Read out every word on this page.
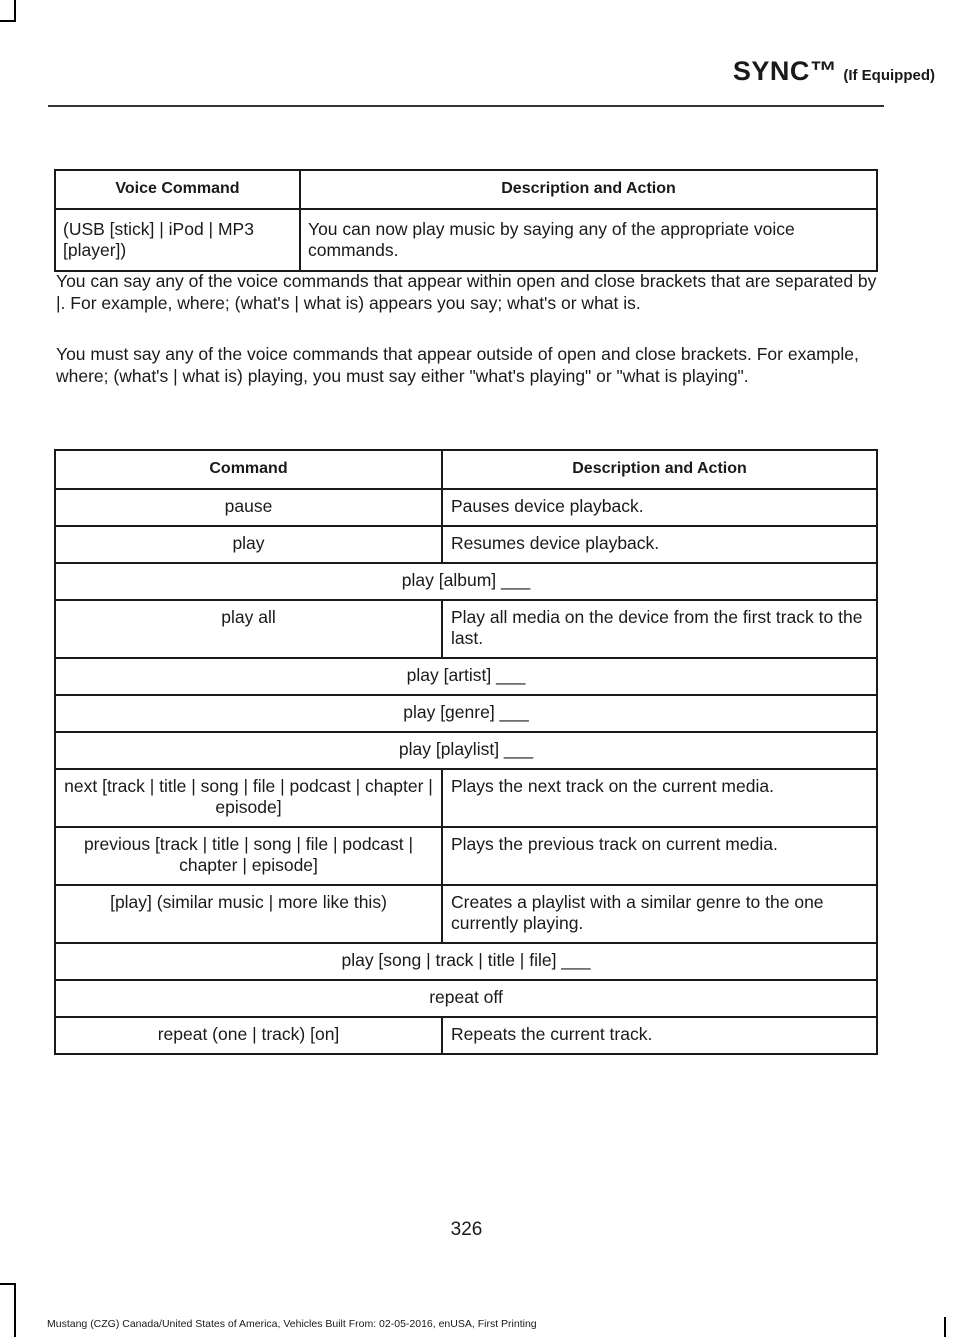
SYNC™ (If Equipped)
Voice Command	Description and Action
(USB [stick] | iPod | MP3 [player])	You can now play music by saying any of the appropriate voice commands.

You can say any of the voice commands that appear within open and close brackets that are separated by |. For example, where; (what's | what is) appears you say; what's or what is.

You must say any of the voice commands that appear outside of open and close brackets. For example, where; (what's | what is) playing, you must say either "what's playing" or "what is playing".

Command	Description and Action
pause	Pauses device playback.
play	Resumes device playback.
play [album] ___	
play all	Play all media on the device from the first track to the last.
play [artist] ___	
play [genre] ___	
play [playlist] ___	
next [track | title | song | file | podcast | chapter | episode]	Plays the next track on the current media.
previous [track | title | song | file | podcast | chapter | episode]	Plays the previous track on current media.
[play] (similar music | more like this)	Creates a playlist with a similar genre to the one currently playing.
play [song | track | title | file] ___	
repeat off	
repeat (one | track) [on]	Repeats the current track.
326
Mustang (CZG) Canada/United States of America, Vehicles Built From: 02-05-2016, enUSA, First Printing
